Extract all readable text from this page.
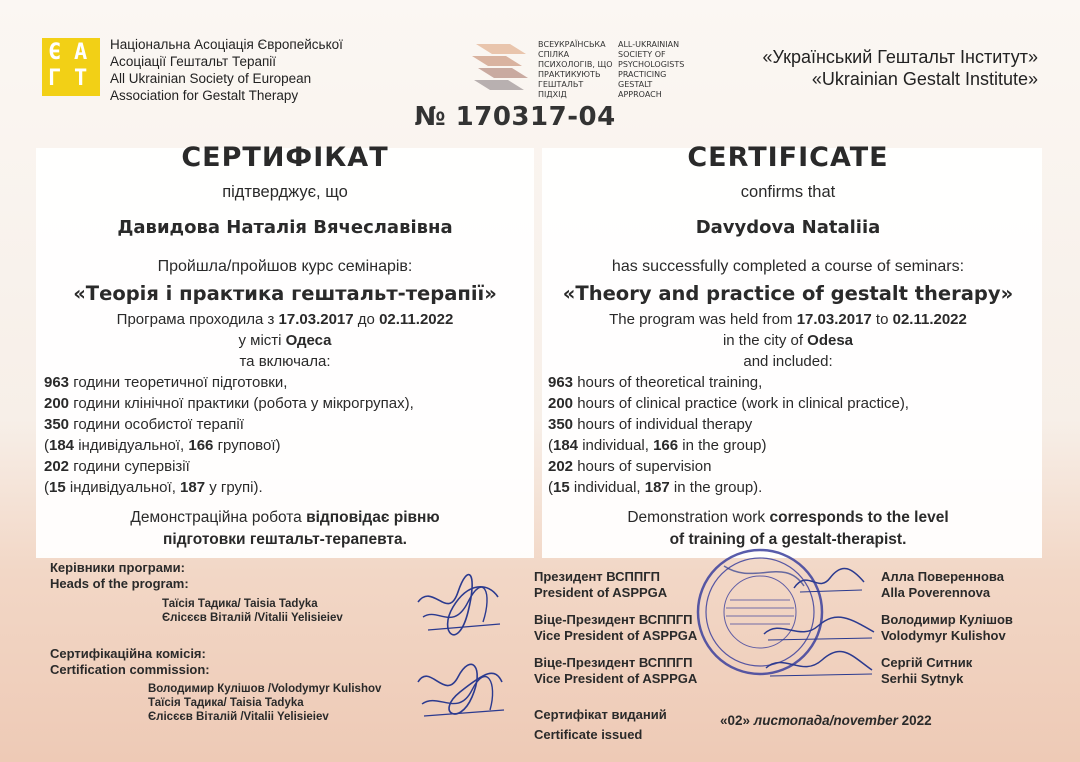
Є А
Г Т
Національна Асоціація Європейської
Асоціації Гештальт Терапії
All Ukrainian Society of European
Association for Gestalt Therapy
ВСЕУКРАЇНСЬКА
СПІЛКА
ПСИХОЛОГІВ, ЩО
ПРАКТИКУЮТЬ
ГЕШТАЛЬТ
ПІДХІД
ALL-UKRAINIAN
SOCIETY OF
PSYCHOLOGISTS
PRACTICING
GESTALT
APPROACH
«Український Гештальт Інститут»
«Ukrainian Gestalt Institute»
№ 170317-04
СЕРТИФІКАТ
підтверджує, що
Давидова Наталія Вячеславівна
Пройшла/пройшов курс семінарів:
«Теорія і практика гештальт-терапії»
Програма проходила з 17.03.2017 до 02.11.2022
у місті Одеса
та включала:
963 години теоретичної підготовки,
200 години клінічної практики (робота у мікрогрупах),
350 години особистої терапії
(184 індивідуальної, 166 групової)
202 години супервізії
(15 індивідуальної, 187 у групі).
Демонстраційна робота відповідає рівню
підготовки гештальт-терапевта.
CERTIFICATE
confirms that
Davydova Nataliia
has successfully completed a course of seminars:
«Theory and practice of gestalt therapy»
The program was held from 17.03.2017 to 02.11.2022
in the city of Odesa
and included:
963 hours of theoretical training,
200 hours of clinical practice (work in clinical practice),
350 hours of individual therapy
(184 individual, 166 in the group)
202 hours of supervision
(15 individual, 187 in the group).
Demonstration work corresponds to the level
of training of a gestalt-therapist.
Керівники програми:
Heads of the program:
Таїсія Тадика/ Taisia Tadyka
Єлісєєв Віталій /Vitalii Yelisieiev
Сертифікаційна комісія:
Certification commission:
Володимир Кулішов /Volodymyr Kulishov
Таїсія Тадика/ Taisia Tadyka
Єлісєєв Віталій /Vitalii Yelisieiev
Президент ВСППГП
President of ASPPGA
Віце-Президент ВСППГП
Vice President of ASPPGA
Віце-Президент ВСППГП
Vice President of ASPPGA
Алла Повереннова
Alla Poverennova
Володимир Кулішов
Volodymyr Kulishov
Сергій Ситник
Serhii Sytnyk
Сертифікат виданий
Certificate issued
«02» листопада/november 2022
